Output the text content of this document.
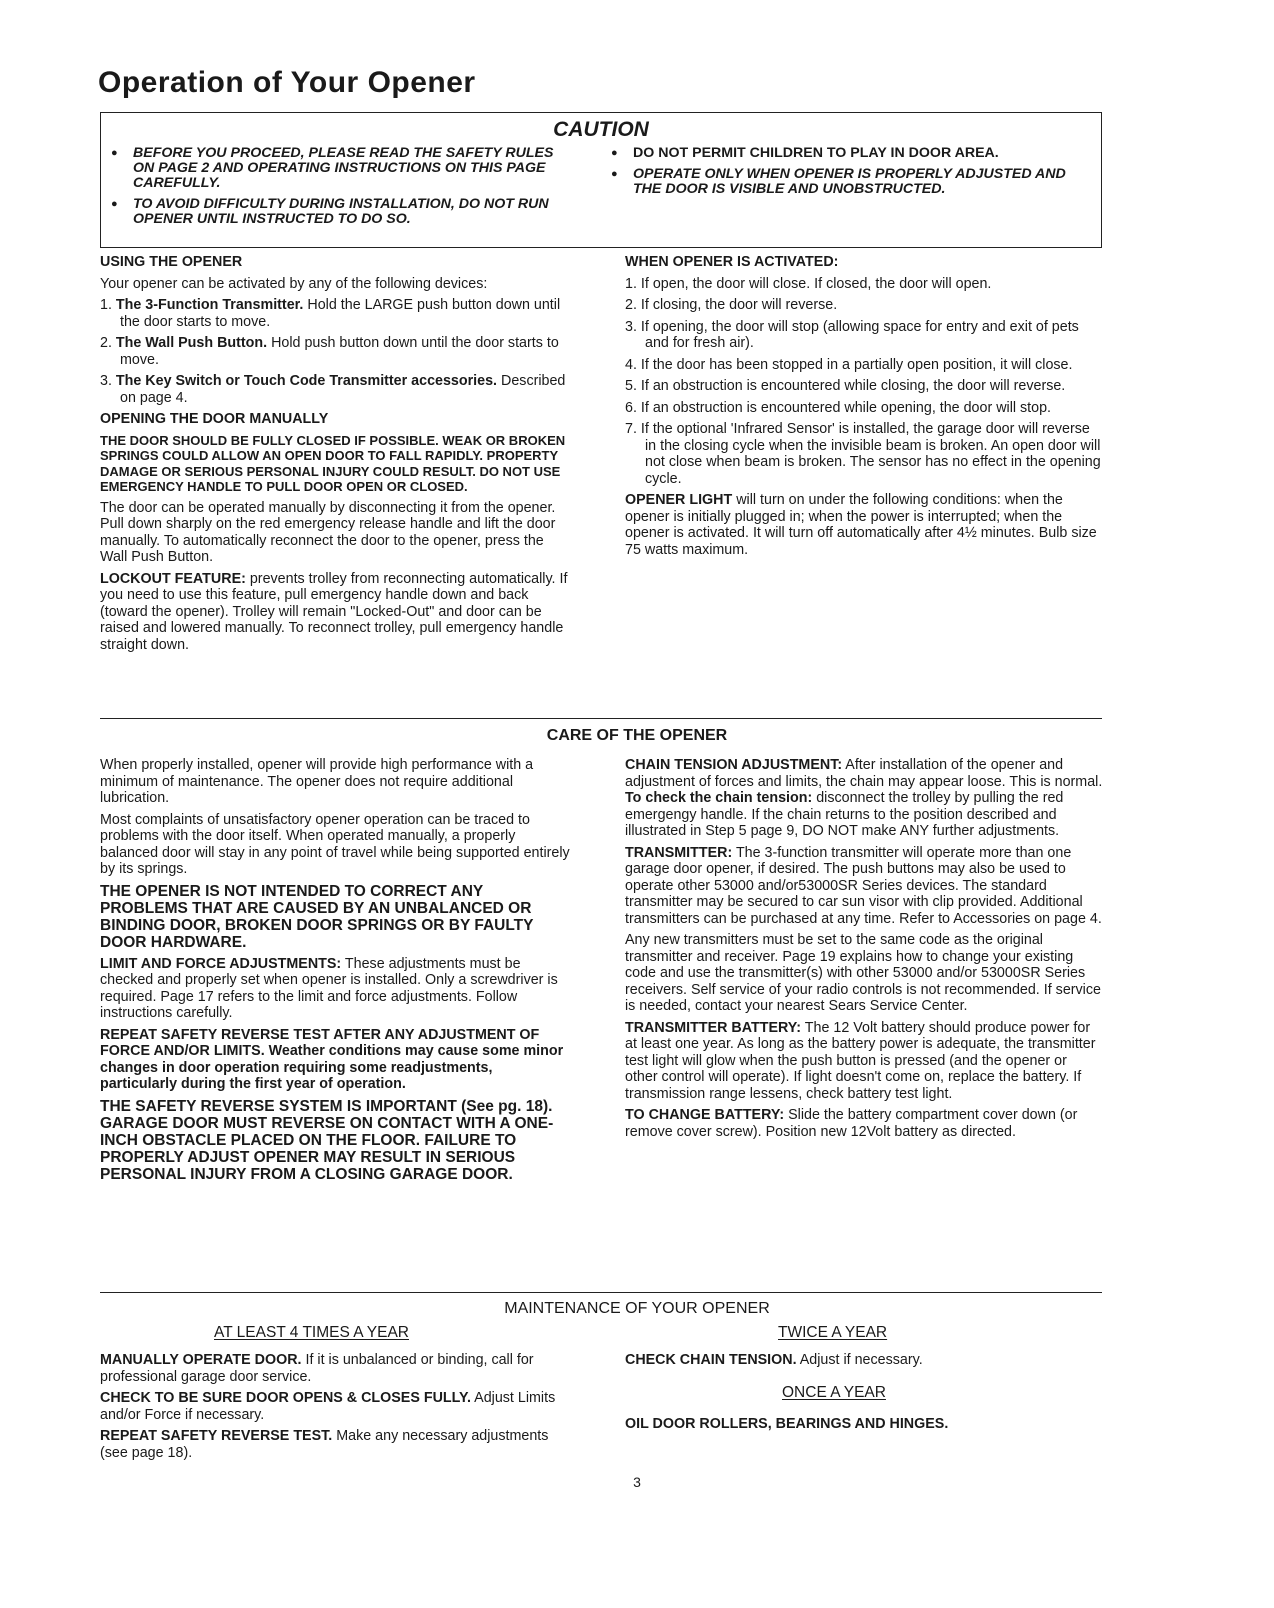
Operation of Your Opener
CAUTION
● BEFORE YOU PROCEED, PLEASE READ THE SAFETY RULES ON PAGE 2 AND OPERATING INSTRUCTIONS ON THIS PAGE CAREFULLY.
● TO AVOID DIFFICULTY DURING INSTALLATION, DO NOT RUN OPENER UNTIL INSTRUCTED TO DO SO.
● DO NOT PERMIT CHILDREN TO PLAY IN DOOR AREA.
● OPERATE ONLY WHEN OPENER IS PROPERLY ADJUSTED AND THE DOOR IS VISIBLE AND UNOBSTRUCTED.

USING THE OPENER

Your opener can be activated by any of the following devices:

1. The 3-Function Transmitter. Hold the LARGE push button down until the door starts to move.

2. The Wall Push Button. Hold push button down until the door starts to move.

3. The Key Switch or Touch Code Transmitter accessories. Described on page 4.

OPENING THE DOOR MANUALLY

THE DOOR SHOULD BE FULLY CLOSED IF POSSIBLE. WEAK OR BROKEN SPRINGS COULD ALLOW AN OPEN DOOR TO FALL RAPIDLY. PROPERTY DAMAGE OR SERIOUS PERSONAL INJURY COULD RESULT. DO NOT USE EMERGENCY HANDLE TO PULL DOOR OPEN OR CLOSED.

The door can be operated manually by disconnecting it from the opener. Pull down sharply on the red emergency release handle and lift the door manually. To automatically reconnect the door to the opener, press the Wall Push Button.

LOCKOUT FEATURE: prevents trolley from reconnecting automatically. If you need to use this feature, pull emergency handle down and back (toward the opener). Trolley will remain "Locked-Out" and door can be raised and lowered manually. To reconnect trolley, pull emergency handle straight down.

WHEN OPENER IS ACTIVATED:

1. If open, the door will close. If closed, the door will open.

2. If closing, the door will reverse.

3. If opening, the door will stop (allowing space for entry and exit of pets and for fresh air).

4. If the door has been stopped in a partially open position, it will close.

5. If an obstruction is encountered while closing, the door will reverse.

6. If an obstruction is encountered while opening, the door will stop.

7. If the optional 'Infrared Sensor' is installed, the garage door will reverse in the closing cycle when the invisible beam is broken. An open door will not close when beam is broken. The sensor has no effect in the opening cycle.

OPENER LIGHT will turn on under the following conditions: when the opener is initially plugged in; when the power is interrupted; when the opener is activated. It will turn off automatically after 4½ minutes. Bulb size 75 watts maximum.

CARE OF THE OPENER

When properly installed, opener will provide high performance with a minimum of maintenance. The opener does not require additional lubrication.

Most complaints of unsatisfactory opener operation can be traced to problems with the door itself. When operated manually, a properly balanced door will stay in any point of travel while being supported entirely by its springs.

THE OPENER IS NOT INTENDED TO CORRECT ANY PROBLEMS THAT ARE CAUSED BY AN UNBALANCED OR BINDING DOOR, BROKEN DOOR SPRINGS OR BY FAULTY DOOR HARDWARE.

LIMIT AND FORCE ADJUSTMENTS: These adjustments must be checked and properly set when opener is installed. Only a screwdriver is required. Page 17 refers to the limit and force adjustments. Follow instructions carefully.

REPEAT SAFETY REVERSE TEST AFTER ANY ADJUSTMENT OF FORCE AND/OR LIMITS. Weather conditions may cause some minor changes in door operation requiring some readjustments, particularly during the first year of operation.

THE SAFETY REVERSE SYSTEM IS IMPORTANT (See pg. 18). GARAGE DOOR MUST REVERSE ON CONTACT WITH A ONE-INCH OBSTACLE PLACED ON THE FLOOR. FAILURE TO PROPERLY ADJUST OPENER MAY RESULT IN SERIOUS PERSONAL INJURY FROM A CLOSING GARAGE DOOR.

CHAIN TENSION ADJUSTMENT: After installation of the opener and adjustment of forces and limits, the chain may appear loose. This is normal. To check the chain tension: disconnect the trolley by pulling the red emergengy handle. If the chain returns to the position described and illustrated in Step 5 page 9, DO NOT make ANY further adjustments.

TRANSMITTER: The 3-function transmitter will operate more than one garage door opener, if desired. The push buttons may also be used to operate other 53000 and/or53000SR Series devices. The standard transmitter may be secured to car sun visor with clip provided. Additional transmitters can be purchased at any time. Refer to Accessories on page 4.

Any new transmitters must be set to the same code as the original transmitter and receiver. Page 19 explains how to change your existing code and use the transmitter(s) with other 53000 and/or 53000SR Series receivers. Self service of your radio controls is not recommended. If service is needed, contact your nearest Sears Service Center.

TRANSMITTER BATTERY: The 12 Volt battery should produce power for at least one year. As long as the battery power is adequate, the transmitter test light will glow when the push button is pressed (and the opener or other control will operate). If light doesn't come on, replace the battery. If transmission range lessens, check battery test light.

TO CHANGE BATTERY: Slide the battery compartment cover down (or remove cover screw). Position new 12Volt battery as directed.

MAINTENANCE OF YOUR OPENER
AT LEAST 4 TIMES A YEAR

MANUALLY OPERATE DOOR. If it is unbalanced or binding, call for professional garage door service.

CHECK TO BE SURE DOOR OPENS & CLOSES FULLY. Adjust Limits and/or Force if necessary.

REPEAT SAFETY REVERSE TEST. Make any necessary adjustments (see page 18).

TWICE A YEAR

CHECK CHAIN TENSION. Adjust if necessary.

ONCE A YEAR

OIL DOOR ROLLERS, BEARINGS AND HINGES.

3
